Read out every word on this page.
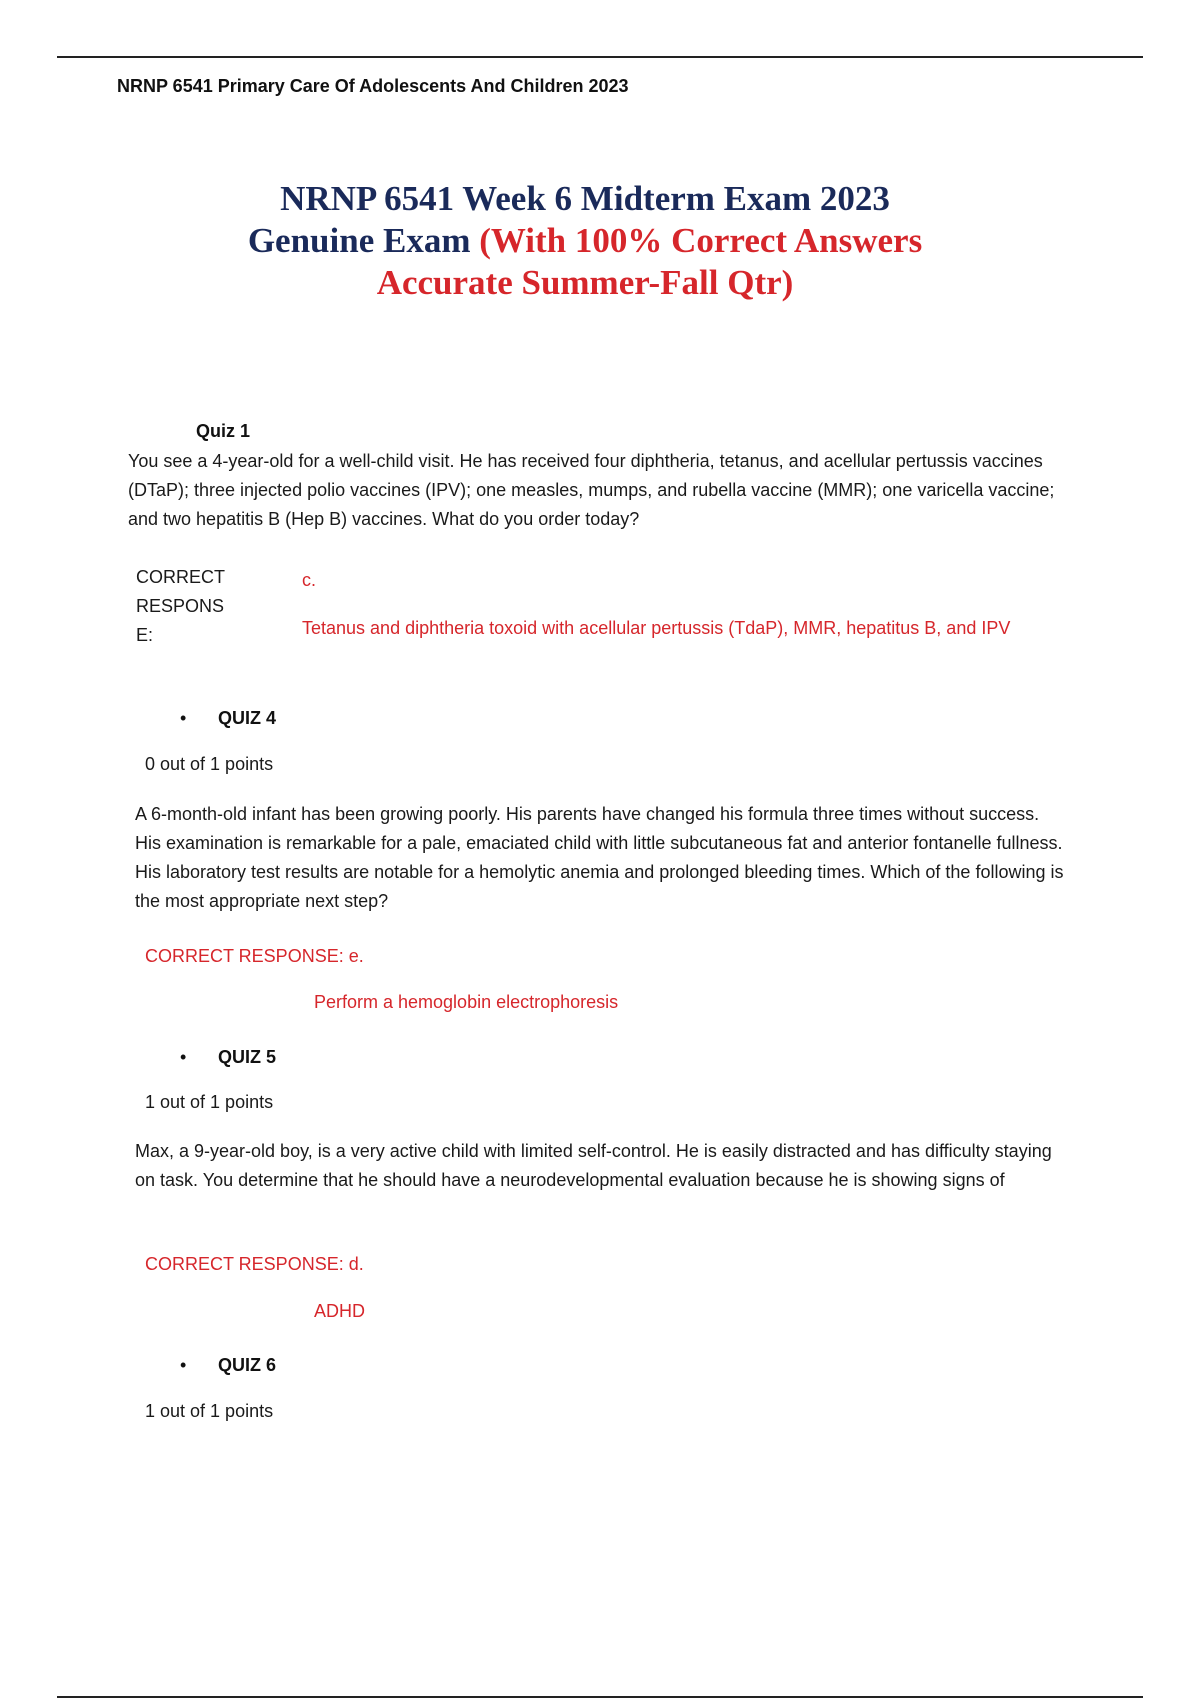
NRNP 6541 Primary Care Of Adolescents And Children 2023
NRNP 6541 Week 6 Midterm Exam 2023
Genuine Exam (With 100% Correct Answers
Accurate Summer-Fall Qtr)
Quiz 1
You see a 4-year-old for a well-child visit. He has received four diphtheria, tetanus, and acellular pertussis vaccines (DTaP); three injected polio vaccines (IPV); one measles, mumps, and rubella vaccine (MMR); one varicella vaccine; and two hepatitis B (Hep B) vaccines. What do you order today?
CORRECT RESPONSE:
c.
Tetanus and diphtheria toxoid with acellular pertussis (TdaP), MMR, hepatitus B, and IPV
• QUIZ 4
0 out of 1 points
A 6-month-old infant has been growing poorly. His parents have changed his formula three times without success. His examination is remarkable for a pale, emaciated child with little subcutaneous fat and anterior fontanelle fullness. His laboratory test results are notable for a hemolytic anemia and prolonged bleeding times. Which of the following is the most appropriate next step?
CORRECT RESPONSE: e.
Perform a hemoglobin electrophoresis
• QUIZ 5
1 out of 1 points
Max, a 9-year-old boy, is a very active child with limited self-control. He is easily distracted and has difficulty staying on task. You determine that he should have a neurodevelopmental evaluation because he is showing signs of
CORRECT RESPONSE: d.
ADHD
• QUIZ 6
1 out of 1 points
